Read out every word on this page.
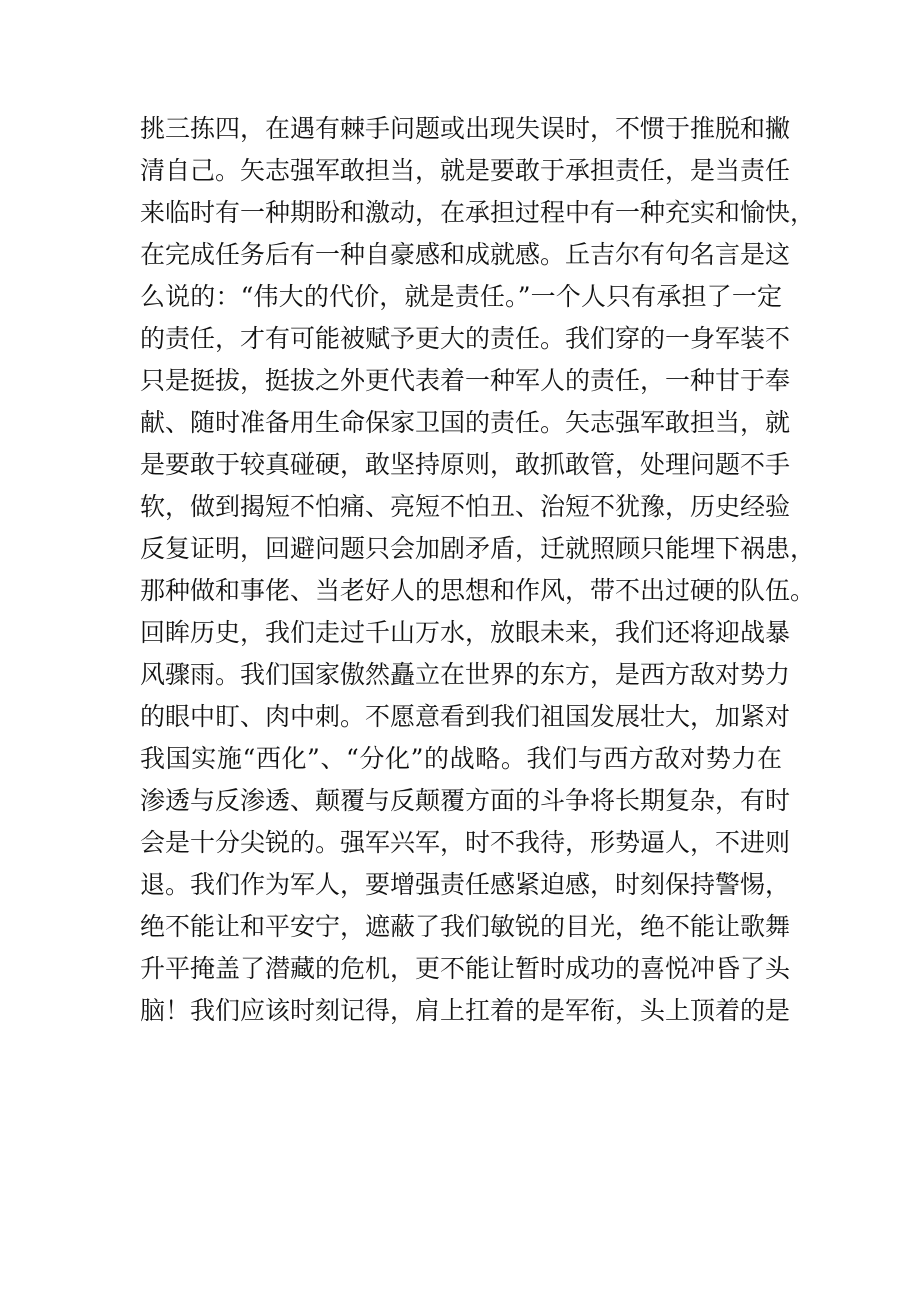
挑三拣四，在遇有棘手问题或出现失误时，不惯于推脱和撇
清自己。矢志强军敢担当，就是要敢于承担责任，是当责任
来临时有一种期盼和激动，在承担过程中有一种充实和愉快，
在完成任务后有一种自豪感和成就感。丘吉尔有句名言是这
么说的：“伟大的代价，就是责任。”一个人只有承担了一定
的责任，才有可能被赋予更大的责任。我们穿的一身军装不
只是挺拔，挺拔之外更代表着一种军人的责任，一种甘于奉
献、随时准备用生命保家卫国的责任。矢志强军敢担当，就
是要敢于较真碰硬，敢坚持原则，敢抓敢管，处理问题不手
软，做到揭短不怕痛、亮短不怕丑、治短不犹豫，历史经验
反复证明，回避问题只会加剧矛盾，迁就照顾只能埋下祸患，
那种做和事佬、当老好人的思想和作风，带不出过硬的队伍。
回眸历史，我们走过千山万水，放眼未来，我们还将迎战暴
风骤雨。我们国家傲然矗立在世界的东方，是西方敌对势力
的眼中盯、肉中刺。不愿意看到我们祖国发展壮大，加紧对
我国实施“西化”、“分化”的战略。我们与西方敌对势力在
渗透与反渗透、颠覆与反颠覆方面的斗争将长期复杂，有时
会是十分尖锐的。强军兴军，时不我待，形势逼人，不进则
退。我们作为军人，要增强责任感紧迫感，时刻保持警惕，
绝不能让和平安宁，遮蔽了我们敏锐的目光，绝不能让歌舞
升平掩盖了潜藏的危机，更不能让暂时成功的喜悦冲昏了头
脑！我们应该时刻记得，肩上扛着的是军衔，头上顶着的是
